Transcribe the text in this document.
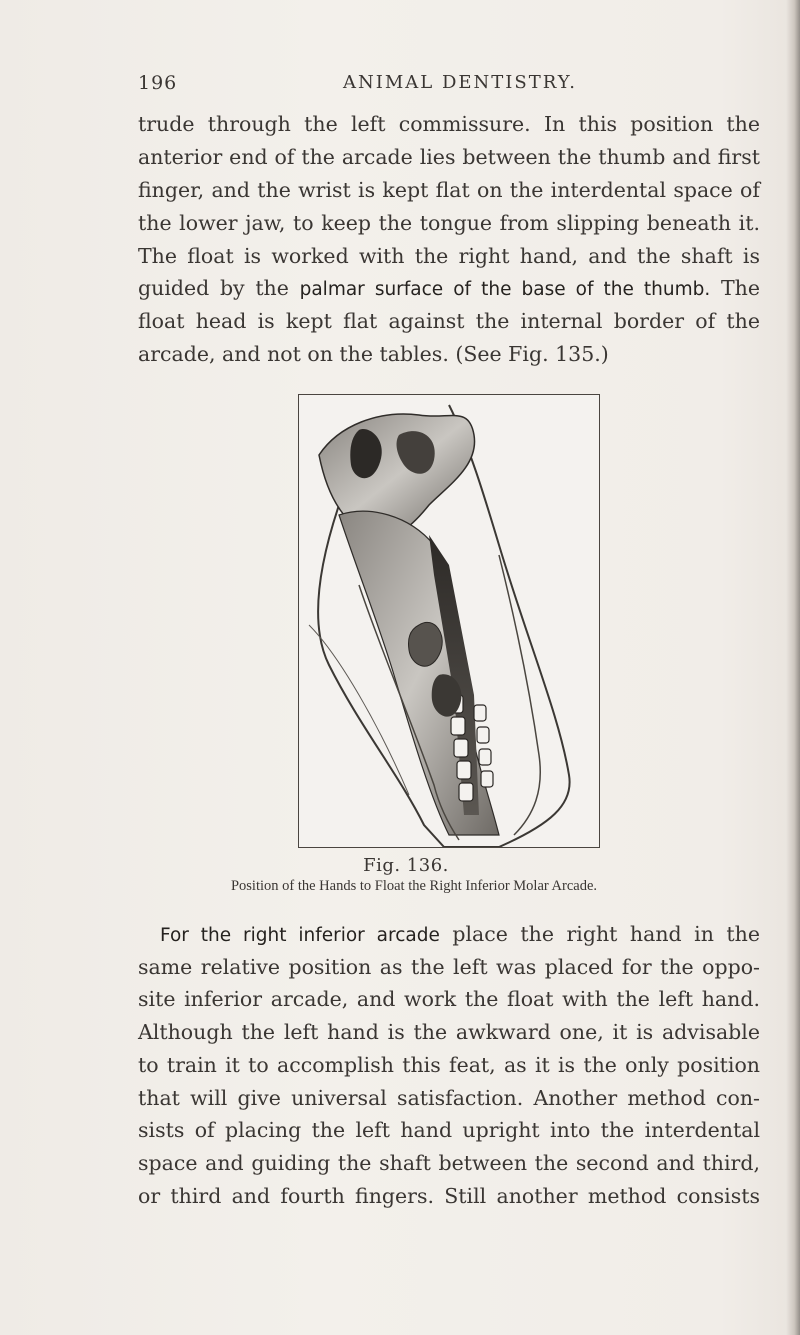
196	ANIMAL DENTISTRY.

trude through the left commissure. In this position the

anterior end of the arcade lies between the thumb and first

finger, and the wrist is kept flat on the interdental space of

the lower jaw, to keep the tongue from slipping beneath it.

The float is worked with the right hand, and the shaft is

guided by the palmar surface of the base of the thumb. The

float head is kept flat against the internal border of the

arcade, and not on the tables. (See Fig. 135.)

Fig. 136.
Position of the Hands to Float the Right Inferior Molar Arcade.

For the right inferior arcade place the right hand in the

same relative position as the left was placed for the oppo-

site inferior arcade, and work the float with the left hand.

Although the left hand is the awkward one, it is advisable

to train it to accomplish this feat, as it is the only position

that will give universal satisfaction. Another method con-

sists of placing the left hand upright into the interdental

space and guiding the shaft between the second and third,

or third and fourth fingers. Still another method consists
